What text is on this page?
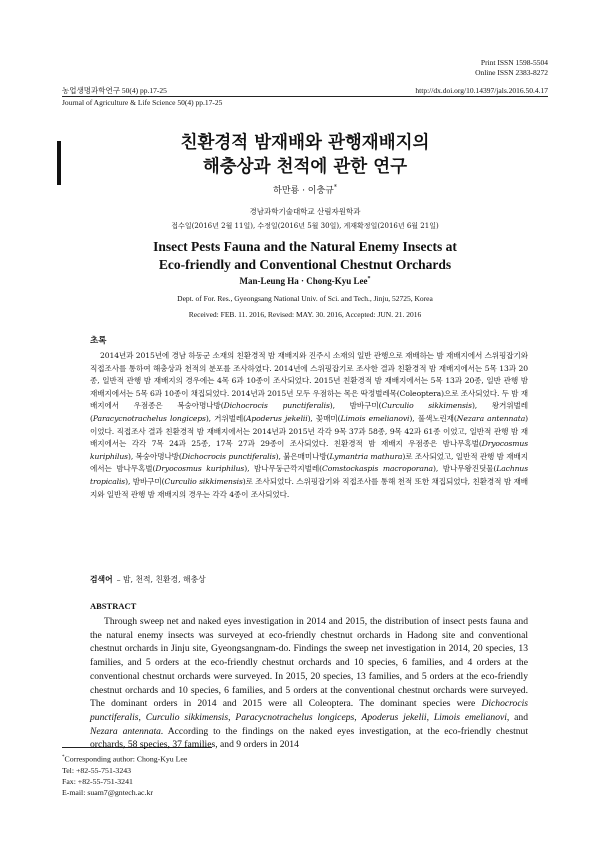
Print ISSN 1598-5504
Online ISSN 2383-8272
농업생명과학연구 50(4) pp.17-25	http://dx.doi.org/10.14397/jals.2016.50.4.17
Journal of Agriculture & Life Science 50(4) pp.17-25
친환경적 밤재배와 관행재배지의
해충상과 천적에 관한 연구
하만룡 · 이충규*
경남과학기술대학교 산림자원학과
접수일(2016년 2월 11일), 수정일(2016년 5월 30일), 게재확정일(2016년 6월 21일)
Insect Pests Fauna and the Natural Enemy Insects at
Eco-friendly and Conventional Chestnut Orchards
Man-Leung Ha · Chong-Kyu Lee*
Dept. of For. Res., Gyeongsang National Univ. of Sci. and Tech., Jinju, 52725, Korea
Received: FEB. 11. 2016, Revised: MAY. 30. 2016, Accepted: JUN. 21. 2016
초록
2014년과 2015년에 경남 하동군 소재의 친환경적 밤 재배지와 진주시 소재의 일반 관행으로 재배하는 밤 재배지에서 스위핑잡기와 직접조사를 통하여 해충상과 천적의 분포를 조사하였다. 2014년에 스위핑잡기로 조사한 결과 친환경적 밤 재배지에서는 5목 13과 20종, 일반적 관행 밤 재배지의 경우에는 4목 6과 10종이 조사되었다. 2015년 친환경적 밤 재배지에서는 5목 13과 20종, 일반 관행 밤 재배지에서는 5목 6과 10종이 채집되었다. 2014년과 2015년 모두 우점하는 목은 딱정벌레목(Coleoptera)으로 조사되었다. 두 밤 재배지에서 우점종은 복숭아명나방(Dichocrocis punctiferalis), 밤바구미(Curculio sikkimensis), 왕거위벌레(Paracycnotrachelus longiceps), 거위벌레(Apoderus jekelii), 꽃매미(Limois emelianovi), 풀색노린재(Nezara antennata)이었다. 직접조사 결과 친환경적 밤 재배지에서는 2014년과 2015년 각각 9목 37과 58종, 9목 42과 61종 이었고, 일반적 관행 밤 재배지에서는 각각 7목 24과 25종, 17목 27과 29종이 조사되었다. 친환경적 밤 재배지 우점종은 밤나무혹벌(Dryocosmus kuriphilus), 복숭아명나방(Dichocrocis punctiferalis), 붉은매미나방(Lymantria mathura)로 조사되었고, 일반적 관행 밤 재배지에서는 밤나무혹벌(Dryocosmus kuriphilus), 밤나무둥근깍지벌레(Comstockaspis macroporana), 밤나무왕진딧물(Lachnus tropicalis), 밤바구미(Curculio sikkimensis)로 조사되었다. 스위핑잡기와 직접조사를 통해 천적 또한 채집되었다, 친환경적 밤 재배지와 일반적 관행 밤 재배지의 경우는 각각 4종이 조사되었다.
검색어 – 밤, 천적, 친환경, 해충상
ABSTRACT
Through sweep net and naked eyes investigation in 2014 and 2015, the distribution of insect pests fauna and the natural enemy insects was surveyed at eco-friendly chestnut orchards in Hadong site and conventional chestnut orchards in Jinju site, Gyeongsangnam-do. Findings the sweep net investigation in 2014, 20 species, 13 families, and 5 orders at the eco-friendly chestnut orchards and 10 species, 6 families, and 4 orders at the conventional chestnut orchards were surveyed. In 2015, 20 species, 13 families, and 5 orders at the eco-friendly chestnut orchards and 10 species, 6 families, and 5 orders at the conventional chestnut orchards were surveyed. The dominant orders in 2014 and 2015 were all Coleoptera. The dominant species were Dichocrocis punctiferalis, Curculio sikkimensis, Paracycnotrachelus longiceps, Apoderus jekelii, Limois emelianovi, and Nezara antennata. According to the findings on the naked eyes investigation, at the eco-friendly chestnut orchards, 58 species, 37 families, and 9 orders in 2014
*Corresponding author: Chong-Kyu Lee
Tel: +82-55-751-3243
Fax: +82-55-751-3241
E-mail: suam7@gntech.ac.kr
